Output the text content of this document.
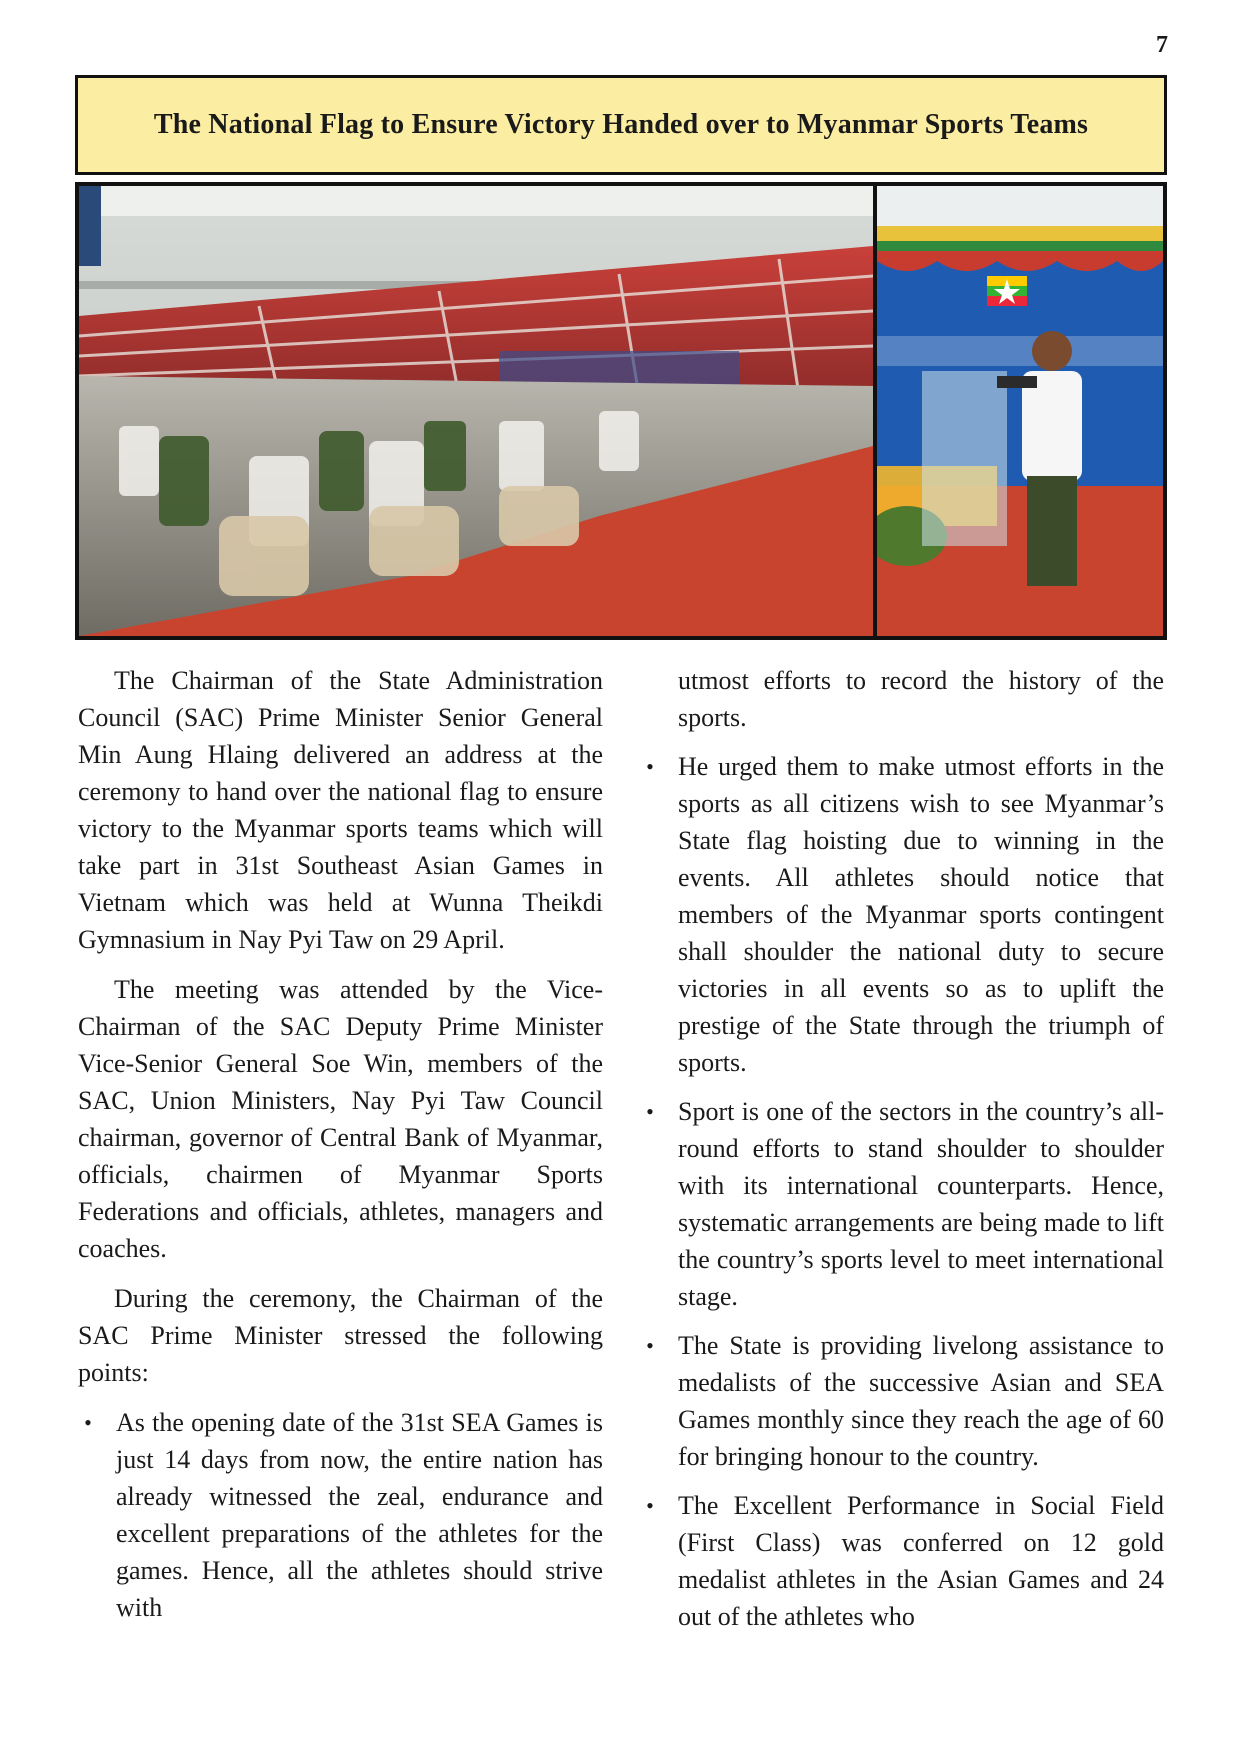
7
The National Flag to Ensure Victory Handed over to Myanmar Sports Teams

The Chairman of the State Administration Council (SAC) Prime Minister Senior General Min Aung Hlaing delivered an address at the ceremony to hand over the national flag to ensure victory to the Myanmar sports teams which will take part in 31st Southeast Asian Games in Vietnam which was held at Wunna Theikdi Gymnasium in Nay Pyi Taw on 29 April.

The meeting was attended by the Vice-Chairman of the SAC Deputy Prime Minister Vice-Senior General Soe Win, members of the SAC, Union Ministers, Nay Pyi Taw Council chairman, governor of Central Bank of Myanmar, officials, chairmen of Myanmar Sports Federations and officials, athletes, managers and coaches.

During the ceremony, the Chairman of the SAC Prime Minister stressed the following points:

• As the opening date of the 31st SEA Games is just 14 days from now, the entire nation has already witnessed the zeal, endurance and excellent preparations of the athletes for the games. Hence, all the athletes should strive with
utmost efforts to record the history of the sports.
• He urged them to make utmost efforts in the sports as all citizens wish to see Myanmar’s State flag hoisting due to winning in the events. All athletes should notice that members of the Myanmar sports contingent shall shoulder the national duty to secure victories in all events so as to uplift the prestige of the State through the triumph of sports.
• Sport is one of the sectors in the country’s all-round efforts to stand shoulder to shoulder with its international counterparts. Hence, systematic arrangements are being made to lift the country’s sports level to meet international stage.
• The State is providing livelong assistance to medalists of the successive Asian and SEA Games monthly since they reach the age of 60 for bringing honour to the country.
• The Excellent Performance in Social Field (First Class) was conferred on 12 gold medalist athletes in the Asian Games and 24 out of the athletes who
